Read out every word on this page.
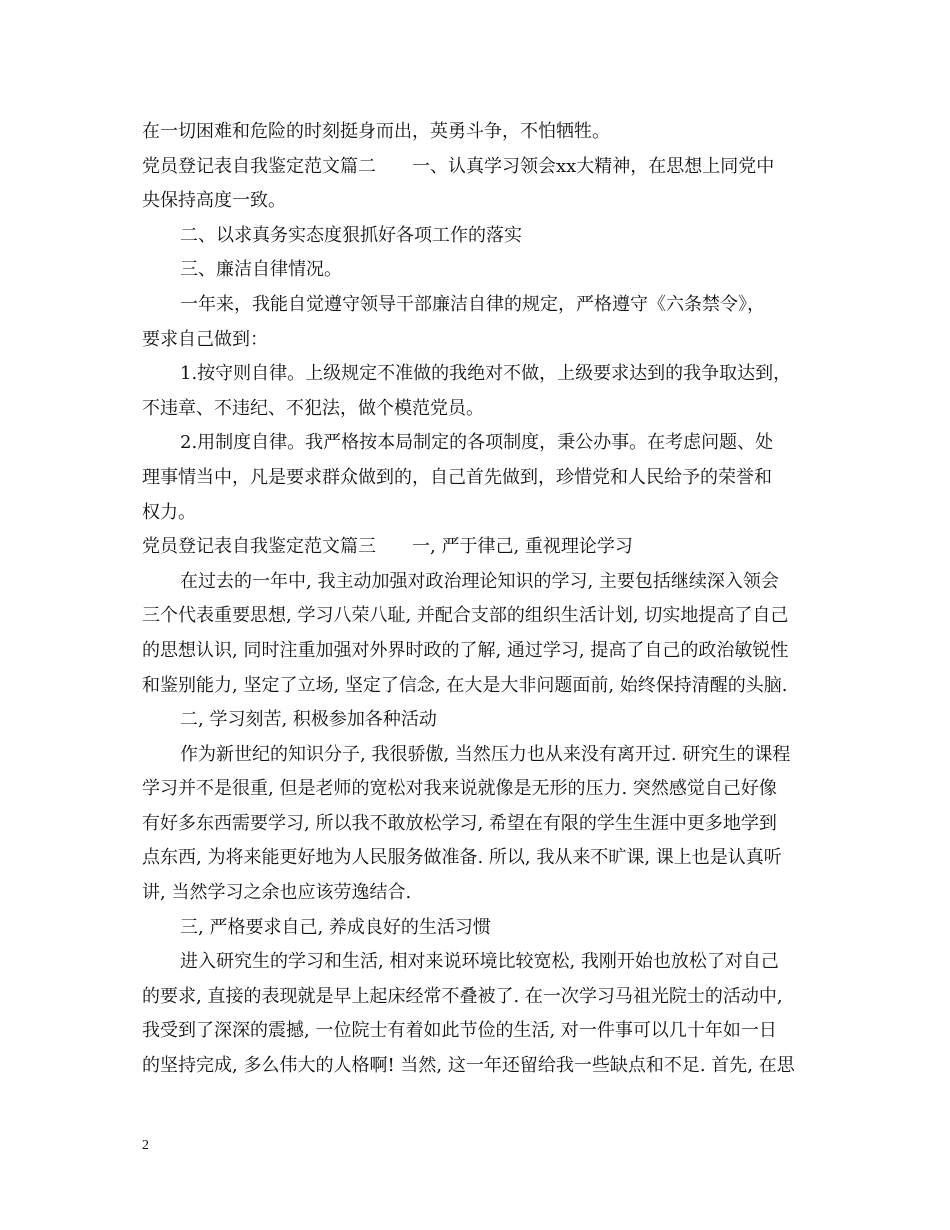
在一切困难和危险的时刻挺身而出，英勇斗争，不怕牺牲。
党员登记表自我鉴定范文篇二　　一、认真学习领会xx大精神，在思想上同党中
央保持高度一致。
二、以求真务实态度狠抓好各项工作的落实
三、廉洁自律情况。
一年来，我能自觉遵守领导干部廉洁自律的规定，严格遵守《六条禁令》，
要求自己做到：
1.按守则自律。上级规定不准做的我绝对不做，上级要求达到的我争取达到，
不违章、不违纪、不犯法，做个模范党员。
2.用制度自律。我严格按本局制定的各项制度，秉公办事。在考虑问题、处
理事情当中，凡是要求群众做到的，自己首先做到，珍惜党和人民给予的荣誉和
权力。
党员登记表自我鉴定范文篇三　　一, 严于律己, 重视理论学习
在过去的一年中, 我主动加强对政治理论知识的学习, 主要包括继续深入领会
三个代表重要思想, 学习八荣八耻, 并配合支部的组织生活计划, 切实地提高了自己
的思想认识, 同时注重加强对外界时政的了解, 通过学习, 提高了自己的政治敏锐性
和鉴别能力, 坚定了立场, 坚定了信念, 在大是大非问题面前, 始终保持清醒的头脑.
二, 学习刻苦, 积极参加各种活动
作为新世纪的知识分子, 我很骄傲, 当然压力也从来没有离开过. 研究生的课程
学习并不是很重, 但是老师的宽松对我来说就像是无形的压力. 突然感觉自己好像
有好多东西需要学习, 所以我不敢放松学习, 希望在有限的学生生涯中更多地学到
点东西, 为将来能更好地为人民服务做准备. 所以, 我从来不旷课, 课上也是认真听
讲, 当然学习之余也应该劳逸结合.
三, 严格要求自己, 养成良好的生活习惯
进入研究生的学习和生活, 相对来说环境比较宽松, 我刚开始也放松了对自己
的要求, 直接的表现就是早上起床经常不叠被了. 在一次学习马祖光院士的活动中,
我受到了深深的震撼, 一位院士有着如此节俭的生活, 对一件事可以几十年如一日
的坚持完成, 多么伟大的人格啊! 当然, 这一年还留给我一些缺点和不足. 首先, 在思
2
